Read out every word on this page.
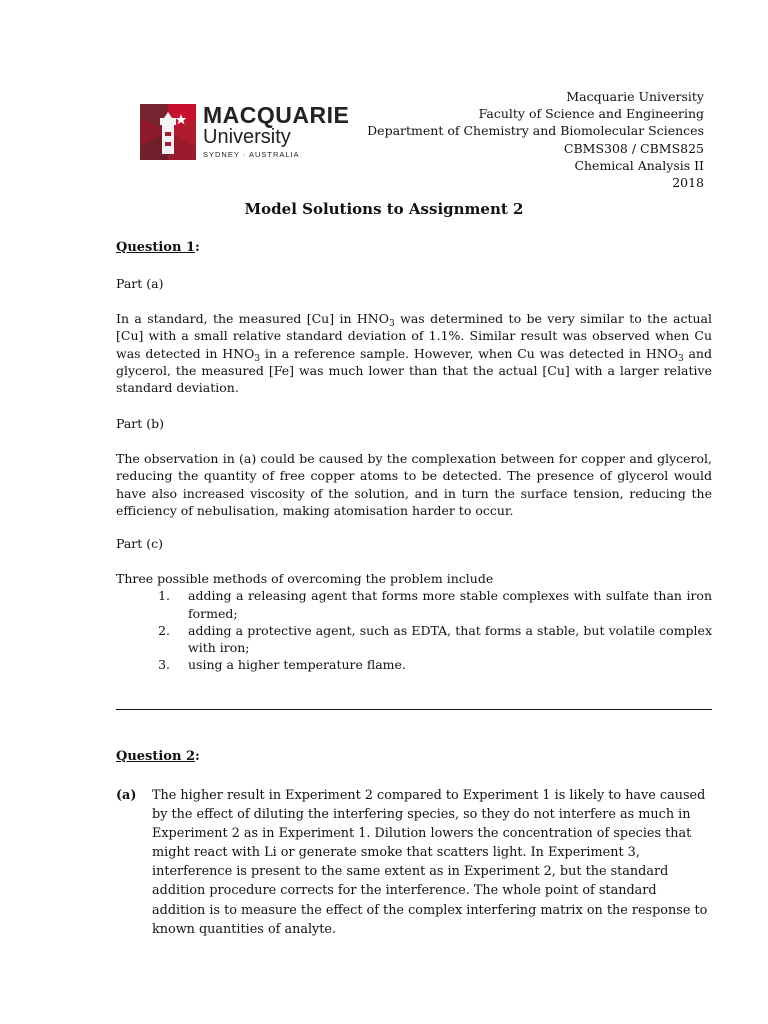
MACQUARIE
University
SYDNEY · AUSTRALIA
Macquarie University
Faculty of Science and Engineering
Department of Chemistry and Biomolecular Sciences
CBMS308 / CBMS825
Chemical Analysis II
2018
Model Solutions to Assignment 2
Question 1:
Part (a)
In a standard, the measured [Cu] in $HNO_3$ was determined to be very similar to the actual [Cu] with a small relative standard deviation of 1.1%. Similar result was observed when Cu was detected in $HNO_3$ in a reference sample. However, when Cu was detected in $HNO_3$ and glycerol, the measured [Fe] was much lower than that the actual [Cu] with a larger relative standard deviation.
Part (b)
The observation in (a) could be caused by the complexation between for copper and glycerol, reducing the quantity of free copper atoms to be detected. The presence of glycerol would have also increased viscosity of the solution, and in turn the surface tension, reducing the efficiency of nebulisation, making atomisation harder to occur.
Part (c)

Three possible methods of overcoming the problem include

1.	adding a releasing agent that forms more stable complexes with sulfate than iron formed;
2.	adding a protective agent, such as EDTA, that forms a stable, but volatile complex with iron;
3.	using a higher temperature flame.
Question 2:
(a)	The higher result in Experiment 2 compared to Experiment 1 is likely to have caused by the effect of diluting the interfering species, so they do not interfere as much in Experiment 2 as in Experiment 1. Dilution lowers the concentration of species that might react with Li or generate smoke that scatters light. In Experiment 3, interference is present to the same extent as in Experiment 2, but the standard addition procedure corrects for the interference. The whole point of standard addition is to measure the effect of the complex interfering matrix on the response to known quantities of analyte.
